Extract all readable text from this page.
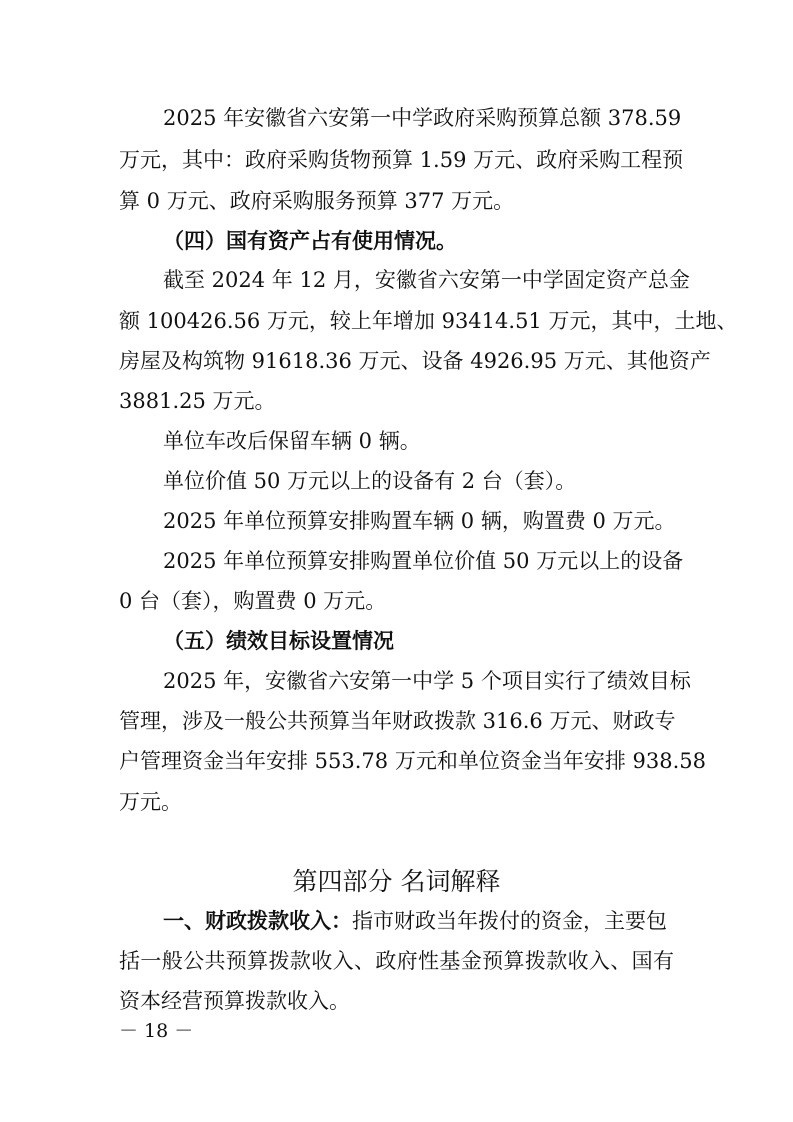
2025 年安徽省六安第一中学政府采购预算总额 378.59
万元，其中：政府采购货物预算 1.59 万元、政府采购工程预
算 0 万元、政府采购服务预算 377 万元。
（四）国有资产占有使用情况。
截至 2024 年 12 月，安徽省六安第一中学固定资产总金
额 100426.56 万元，较上年增加 93414.51 万元，其中，土地、
房屋及构筑物 91618.36 万元、设备 4926.95 万元、其他资产
3881.25 万元。
单位车改后保留车辆 0 辆。
单位价值 50 万元以上的设备有 2 台（套）。
2025 年单位预算安排购置车辆 0 辆，购置费 0 万元。
2025 年单位预算安排购置单位价值 50 万元以上的设备
0 台（套），购置费 0 万元。
（五）绩效目标设置情况
2025 年，安徽省六安第一中学 5 个项目实行了绩效目标
管理，涉及一般公共预算当年财政拨款 316.6 万元、财政专
户管理资金当年安排 553.78 万元和单位资金当年安排 938.58
万元。
第四部分 名词解释
一、财政拨款收入：指市财政当年拨付的资金，主要包
括一般公共预算拨款收入、政府性基金预算拨款收入、国有
资本经营预算拨款收入。
－ 18 －
